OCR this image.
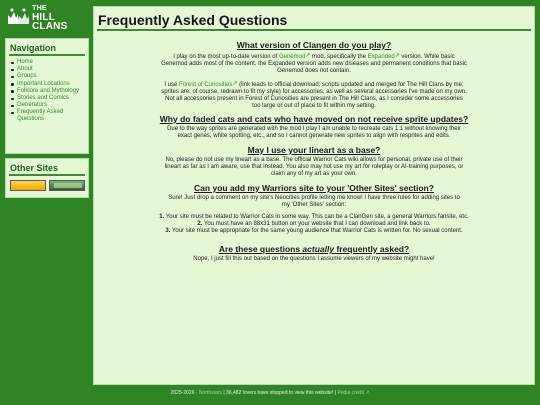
THE
HILL CLANS
Navigation
Home
About
Groups
Important Locations
Folklore and Mythology
Stories and Comics
Generators
Frequently Asked Questions
Other Sites
Frequently Asked Questions
What version of Clangen do you play?

I play on the most up-to-date version of Genemod↗ mod, specifically the Expanded↗ version. While basic Genemod adds most of the content, the Expanded version adds new diseases and permanent conditions that basic Genemod does not contain.

I use Forest of Curiosities↗ (link leads to official download; scripts updated and merged for The Hill Clans by me; sprites are, of course, redrawn to fit my style) for accessories, as well as several accessories I've made on my own. Not all accessories present in Forest of Curiosities are present in The Hill Clans, as I consider some accessories too large or out of place to fit within my setting.

Why do faded cats and cats who have moved on not receive sprite updates?

Due to the way sprites are generated with the mod I play I am unable to recreate cats 1:1 without knowing their exact genes, white spotting, etc., and so I cannot generate new sprites to align with resprites and edits.

May I use your lineart as a base?

No, please do not use my lineart as a base. The official Warrior Cats wiki allows for personal, private use of their lineart as far as I am aware, use that instead. You also may not use my art for roleplay or AI-training purposes, or claim any of my art as your own.

Can you add my Warriors site to your 'Other Sites' section?

Sure! Just drop a comment on my site's Neocities profile letting me know! I have three rules for adding sites to my 'Other Sites' section:

1. Your site must be related to Warrior Cats in some way. This can be a ClanGen site, a general Warriors fansite, etc.
2. You must have an 88x31 button on your website that I can download and link back to.
3. Your site must be appropriate for the same young audience that Warrior Cats is written for. No sexual content.
Are these questions actually frequently asked?

Nope, I just fill this out based on the questions I assume viewers of my website might have!

2025-2026 · Northstars | 36,482 lovers have stopped to view this website! | Pedia credit ↗
